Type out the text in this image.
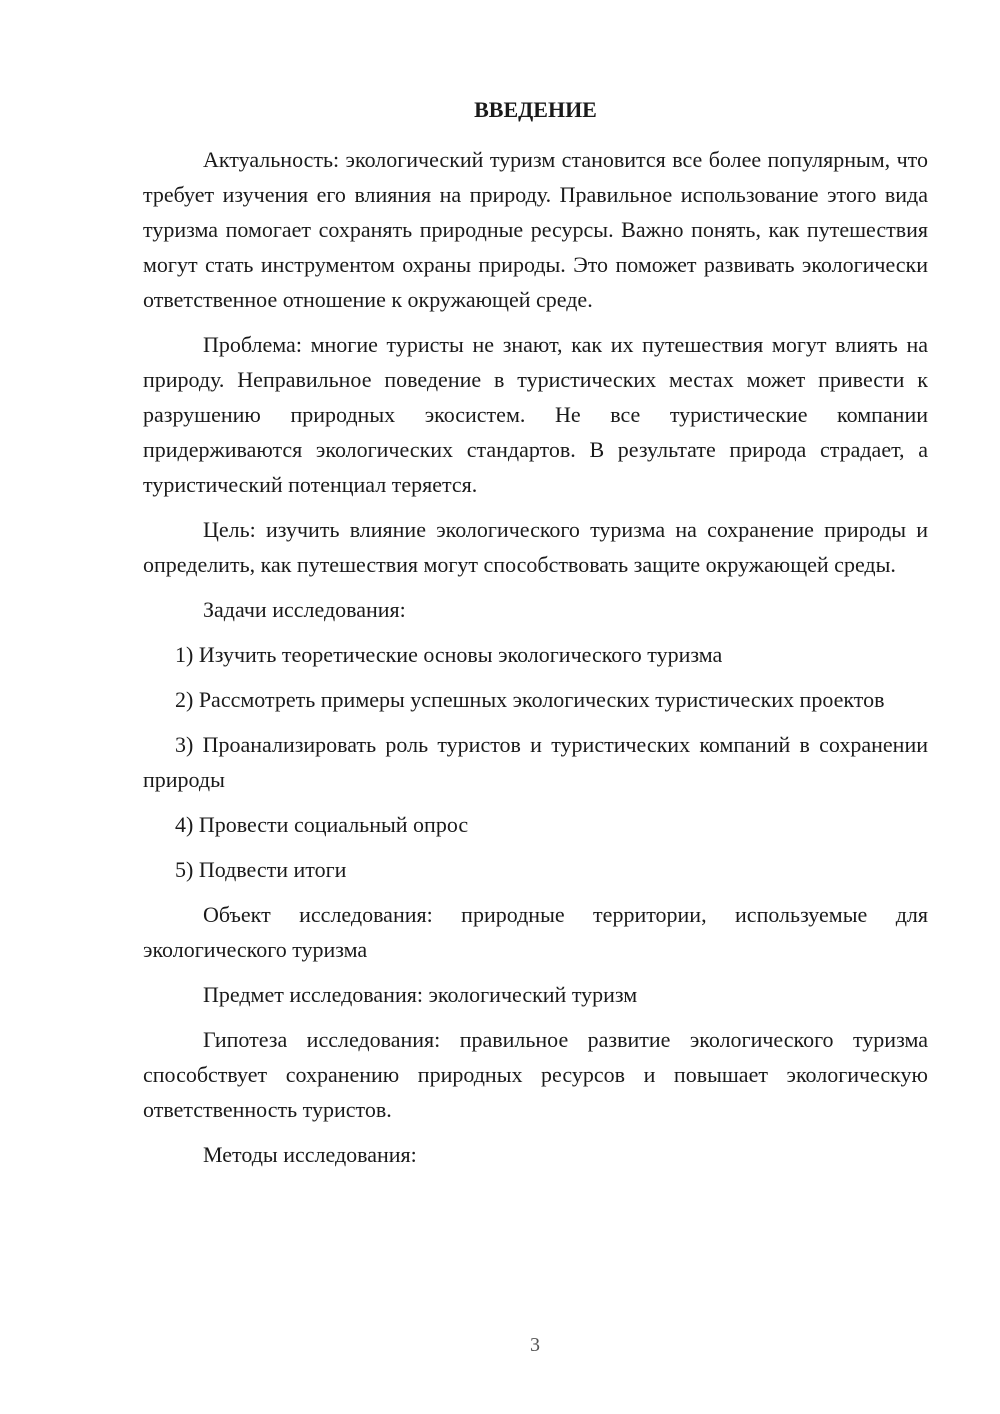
ВВЕДЕНИЕ

Актуальность: экологический туризм становится все более популярным, что требует изучения его влияния на природу. Правильное использование этого вида туризма помогает сохранять природные ресурсы. Важно понять, как путешествия могут стать инструментом охраны природы. Это поможет развивать экологически ответственное отношение к окружающей среде.

Проблема: многие туристы не знают, как их путешествия могут влиять на природу. Неправильное поведение в туристических местах может привести к разрушению природных экосистем. Не все туристические компании придерживаются экологических стандартов. В результате природа страдает, а туристический потенциал теряется.

Цель: изучить влияние экологического туризма на сохранение природы и определить, как путешествия могут способствовать защите окружающей среды.

Задачи исследования:

1) Изучить теоретические основы экологического туризма

2) Рассмотреть примеры успешных экологических туристических проектов

3) Проанализировать роль туристов и туристических компаний в сохранении природы

4) Провести социальный опрос

5) Подвести итоги

Объект исследования: природные территории, используемые для экологического туризма

Предмет исследования: экологический туризм

Гипотеза исследования: правильное развитие экологического туризма способствует сохранению природных ресурсов и повышает экологическую ответственность туристов.

Методы исследования:

3
